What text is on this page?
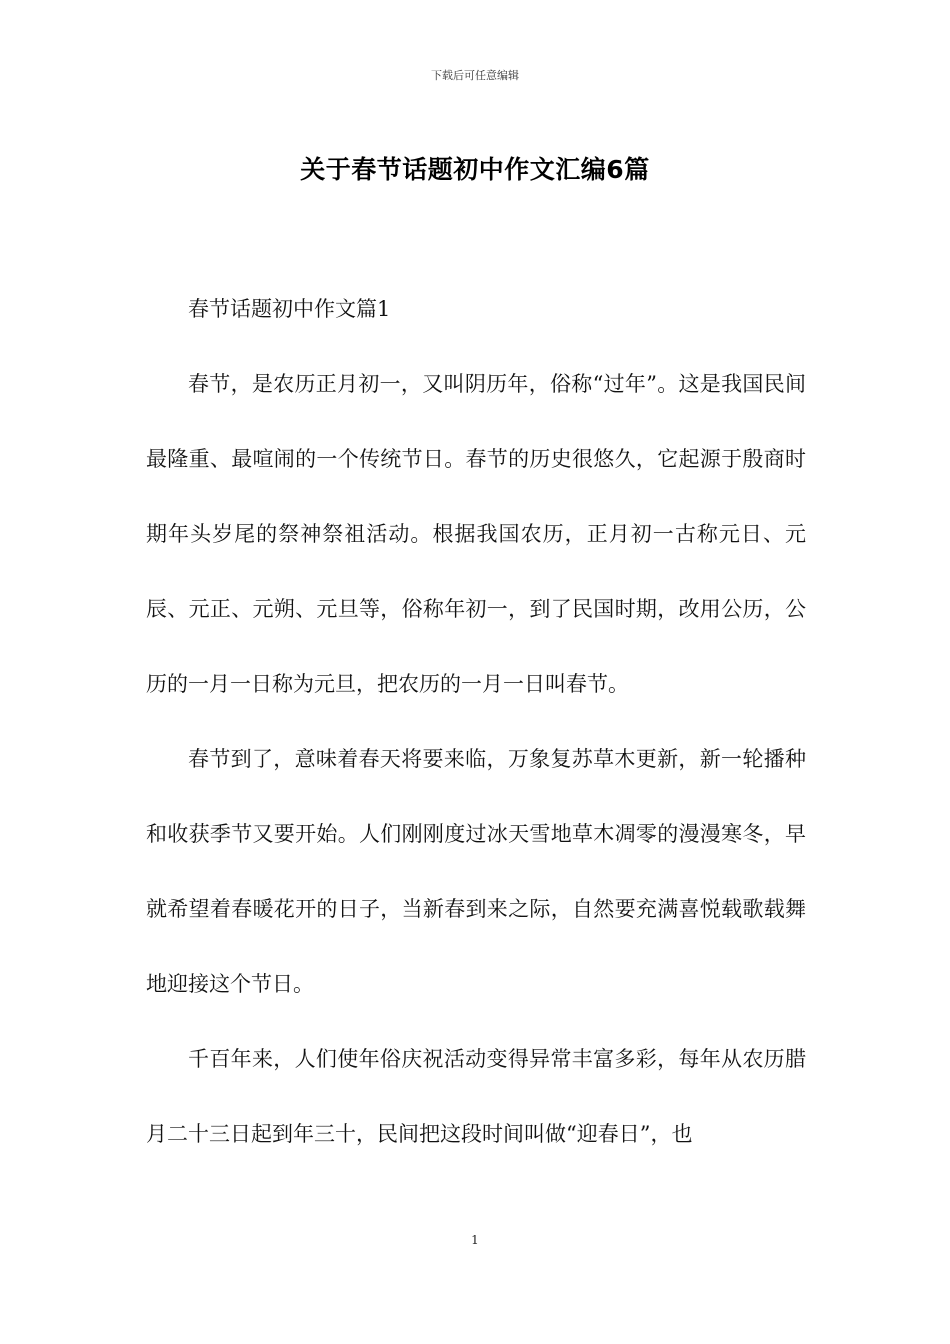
下载后可任意编辑
关于春节话题初中作文汇编6篇

春节话题初中作文篇1

春节，是农历正月初一，又叫阴历年，俗称“过年”。这是我国民间最隆重、最喧闹的一个传统节日。春节的历史很悠久，它起源于殷商时期年头岁尾的祭神祭祖活动。根据我国农历，正月初一古称元日、元辰、元正、元朔、元旦等，俗称年初一，到了民国时期，改用公历，公历的一月一日称为元旦，把农历的一月一日叫春节。

春节到了，意味着春天将要来临，万象复苏草木更新，新一轮播种和收获季节又要开始。人们刚刚度过冰天雪地草木凋零的漫漫寒冬，早就希望着春暖花开的日子，当新春到来之际，自然要充满喜悦载歌载舞地迎接这个节日。

千百年来，人们使年俗庆祝活动变得异常丰富多彩，每年从农历腊月二十三日起到年三十，民间把这段时间叫做“迎春日”，也

1
